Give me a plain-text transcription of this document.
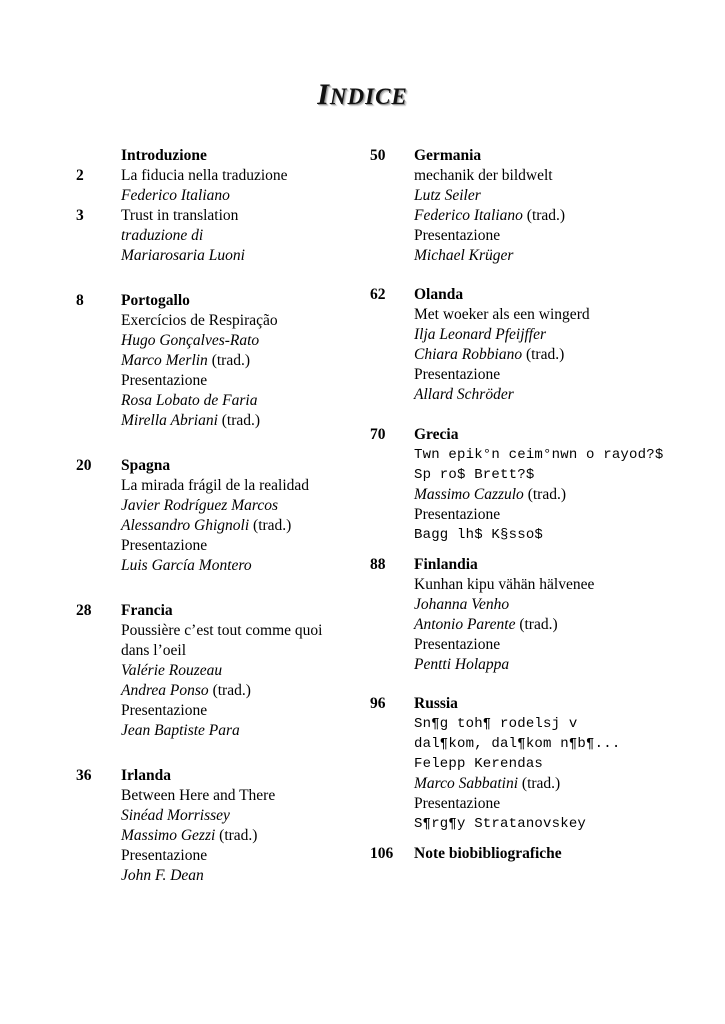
INDICE
Introduzione
2	La fiducia nella traduzione
Federico Italiano
3	Trust in translation
traduzione di
Mariarosaria Luoni
8	Portogallo
Exercícios de Respiração
Hugo Gonçalves-Rato
Marco Merlin (trad.)
Presentazione
Rosa Lobato de Faria
Mirella Abriani (trad.)
20	Spagna
La mirada frágil de la realidad
Javier Rodríguez Marcos
Alessandro Ghignoli (trad.)
Presentazione
Luis García Montero
28	Francia
Poussière c’est tout comme quoi
dans l’oeil
Valérie Rouzeau
Andrea Ponso (trad.)
Presentazione
Jean Baptiste Para
36	Irlanda
Between Here and There
Sinéad Morrissey
Massimo Gezzi (trad.)
Presentazione
John F. Dean
50	Germania
mechanik der bildwelt
Lutz Seiler
Federico Italiano (trad.)
Presentazione
Michael Krüger
62	Olanda
Met woeker als een wingerd
Ilja Leonard Pfeijffer
Chiara Robbiano (trad.)
Presentazione
Allard Schröder
70	Grecia
Twn epik°n ceim°nwn o rayod?$
Sp ro$ Brett?$
Massimo Cazzulo (trad.)
Presentazione
Bagg lh$ K§sso$
88	Finlandia
Kunhan kipu vähän hälvenee
Johanna Venho
Antonio Parente (trad.)
Presentazione
Pentti Holappa
96	Russia
Sn¶g toh¶ rodelsj v
dal¶kom, dal¶kom n¶b¶...
Felepp Kerendas
Marco Sabbatini (trad.)
Presentazione
S¶rg¶y Stratanovskey
106	Note biobibliografiche
